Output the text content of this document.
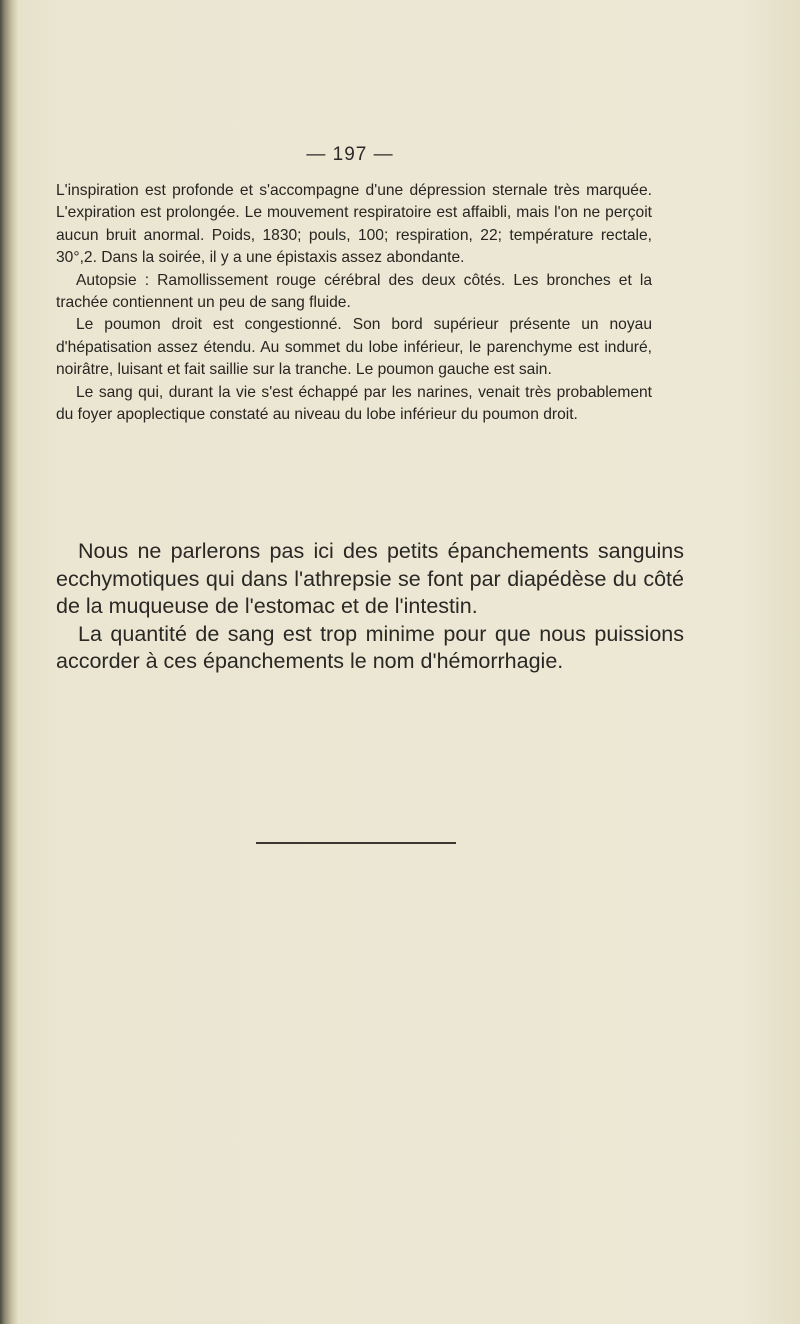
— 197 —

L'inspiration est profonde et s'accompagne d'une dépression sternale très marquée. L'expiration est prolongée. Le mouvement respiratoire est affaibli, mais l'on ne perçoit aucun bruit anormal. Poids, 1830; pouls, 100; respiration, 22; température rectale, 30°,2. Dans la soirée, il y a une épistaxis assez abondante.

Autopsie : Ramollissement rouge cérébral des deux côtés. Les bronches et la trachée contiennent un peu de sang fluide.

Le poumon droit est congestionné. Son bord supérieur présente un noyau d'hépatisation assez étendu. Au sommet du lobe inférieur, le parenchyme est induré, noirâtre, luisant et fait saillie sur la tranche. Le poumon gauche est sain.

Le sang qui, durant la vie s'est échappé par les narines, venait très probablement du foyer apoplectique constaté au niveau du lobe inférieur du poumon droit.

Nous ne parlerons pas ici des petits épanchements sanguins ecchymotiques qui dans l'athrepsie se font par diapédèse du côté de la muqueuse de l'estomac et de l'intestin.

La quantité de sang est trop minime pour que nous puissions accorder à ces épanchements le nom d'hémorrhagie.
